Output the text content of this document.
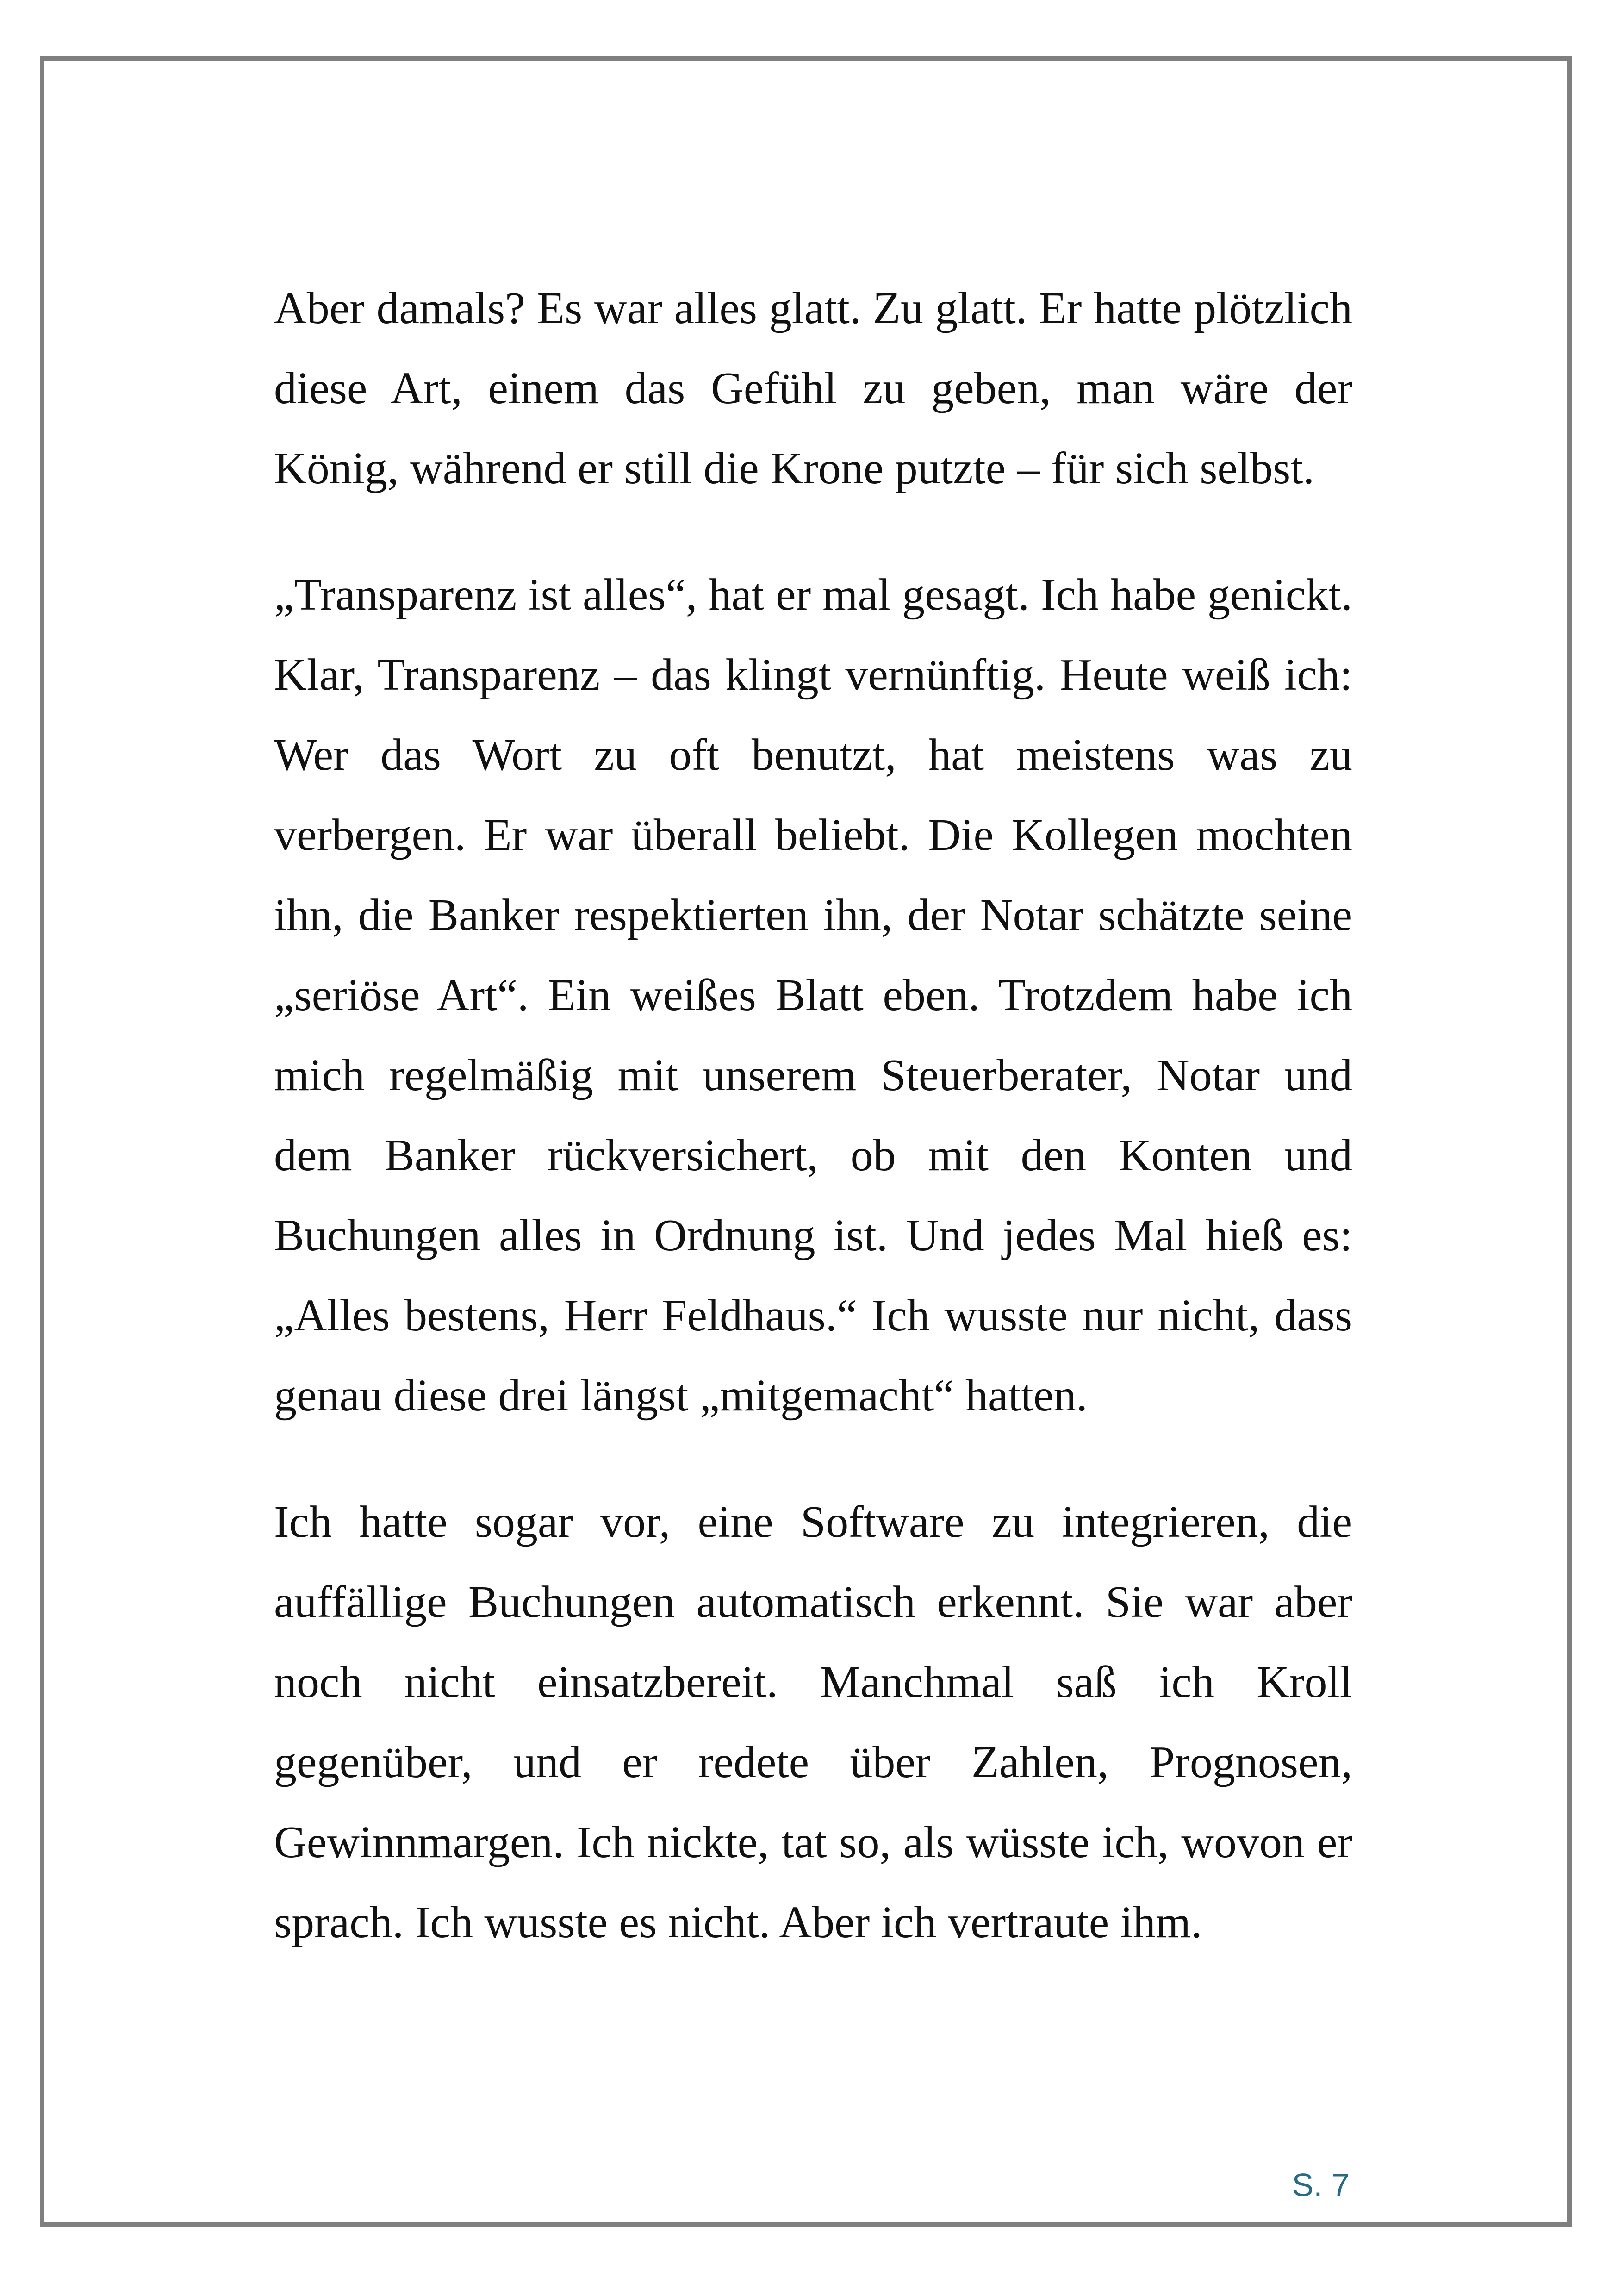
Aber damals? Es war alles glatt. Zu glatt. Er hatte plötzlich diese Art, einem das Gefühl zu geben, man wäre der König, während er still die Krone putzte – für sich selbst.

„Transparenz ist alles“, hat er mal gesagt. Ich habe genickt. Klar, Transparenz – das klingt vernünftig. Heute weiß ich: Wer das Wort zu oft benutzt, hat meistens was zu verbergen. Er war überall beliebt. Die Kollegen mochten ihn, die Banker respektierten ihn, der Notar schätzte seine „seriöse Art“. Ein weißes Blatt eben. Trotzdem habe ich mich regelmäßig mit unserem Steuerberater, Notar und dem Banker rückversichert, ob mit den Konten und Buchungen alles in Ordnung ist. Und jedes Mal hieß es: „Alles bestens, Herr Feldhaus.“ Ich wusste nur nicht, dass genau diese drei längst „mitgemacht“ hatten.

Ich hatte sogar vor, eine Software zu integrieren, die auffällige Buchungen automatisch erkennt. Sie war aber noch nicht einsatzbereit. Manchmal saß ich Kroll gegenüber, und er redete über Zahlen, Prognosen, Gewinnmargen. Ich nickte, tat so, als wüsste ich, wovon er sprach. Ich wusste es nicht. Aber ich vertraute ihm.

S. 7
